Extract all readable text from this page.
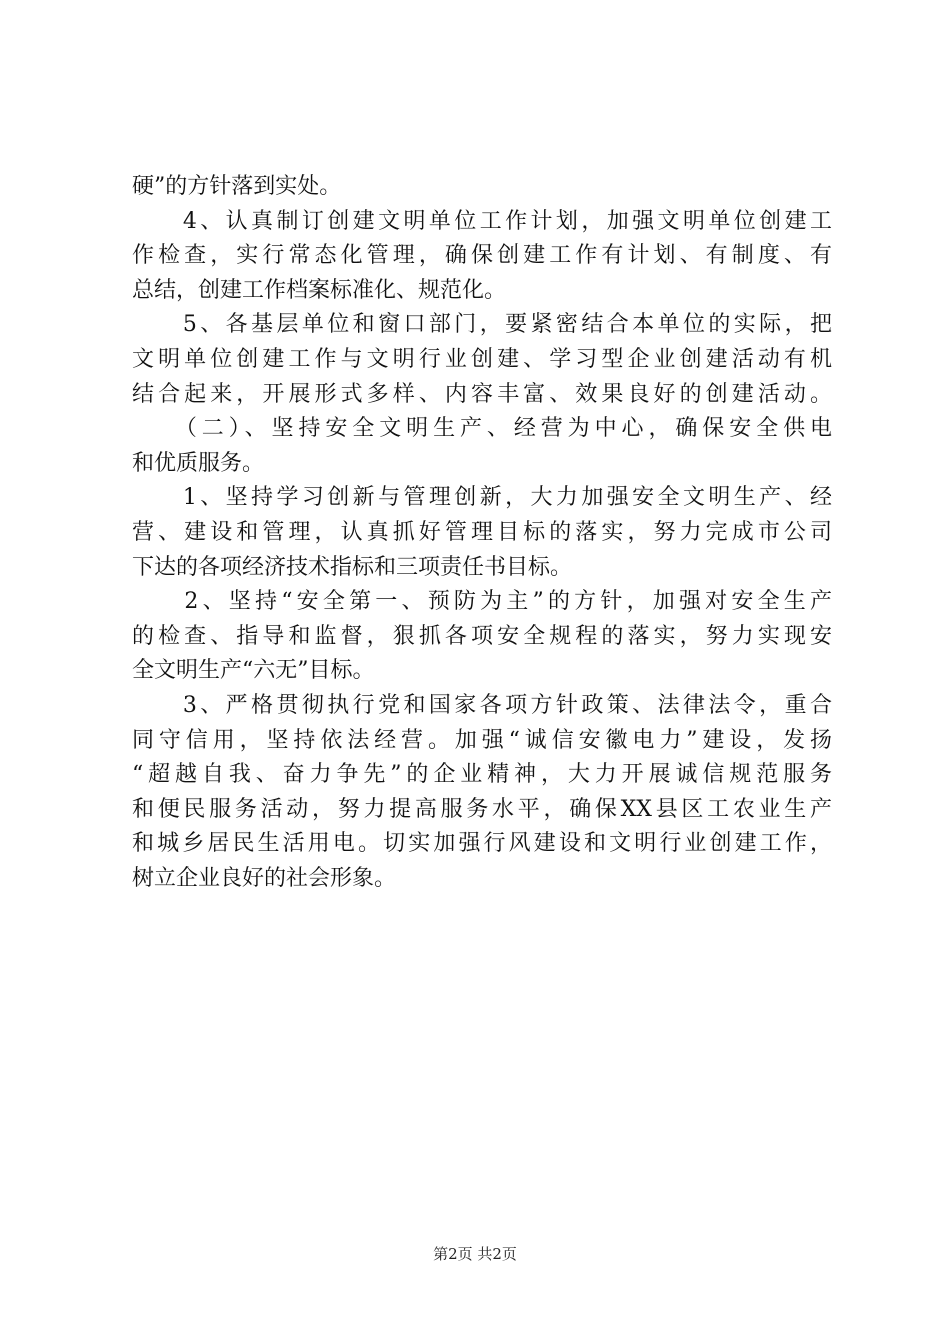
硬”的方针落到实处。
　　4、认真制订创建文明单位工作计划，加强文明单位创建工
作检查，实行常态化管理，确保创建工作有计划、有制度、有
总结，创建工作档案标准化、规范化。
　　5、各基层单位和窗口部门，要紧密结合本单位的实际，把
文明单位创建工作与文明行业创建、学习型企业创建活动有机
结合起来，开展形式多样、内容丰富、效果良好的创建活动。
　　（二）、坚持安全文明生产、经营为中心，确保安全供电
和优质服务。
　　1、坚持学习创新与管理创新，大力加强安全文明生产、经
营、建设和管理，认真抓好管理目标的落实，努力完成市公司
下达的各项经济技术指标和三项责任书目标。
　　2、坚持“安全第一、预防为主”的方针，加强对安全生产
的检查、指导和监督，狠抓各项安全规程的落实，努力实现安
全文明生产“六无”目标。
　　3、严格贯彻执行党和国家各项方针政策、法律法令，重合
同守信用，坚持依法经营。加强“诚信安徽电力”建设，发扬
“超越自我、奋力争先”的企业精神，大力开展诚信规范服务
和便民服务活动，努力提高服务水平，确保XX县区工农业生产
和城乡居民生活用电。切实加强行风建设和文明行业创建工作，
树立企业良好的社会形象。
第2页 共2页
